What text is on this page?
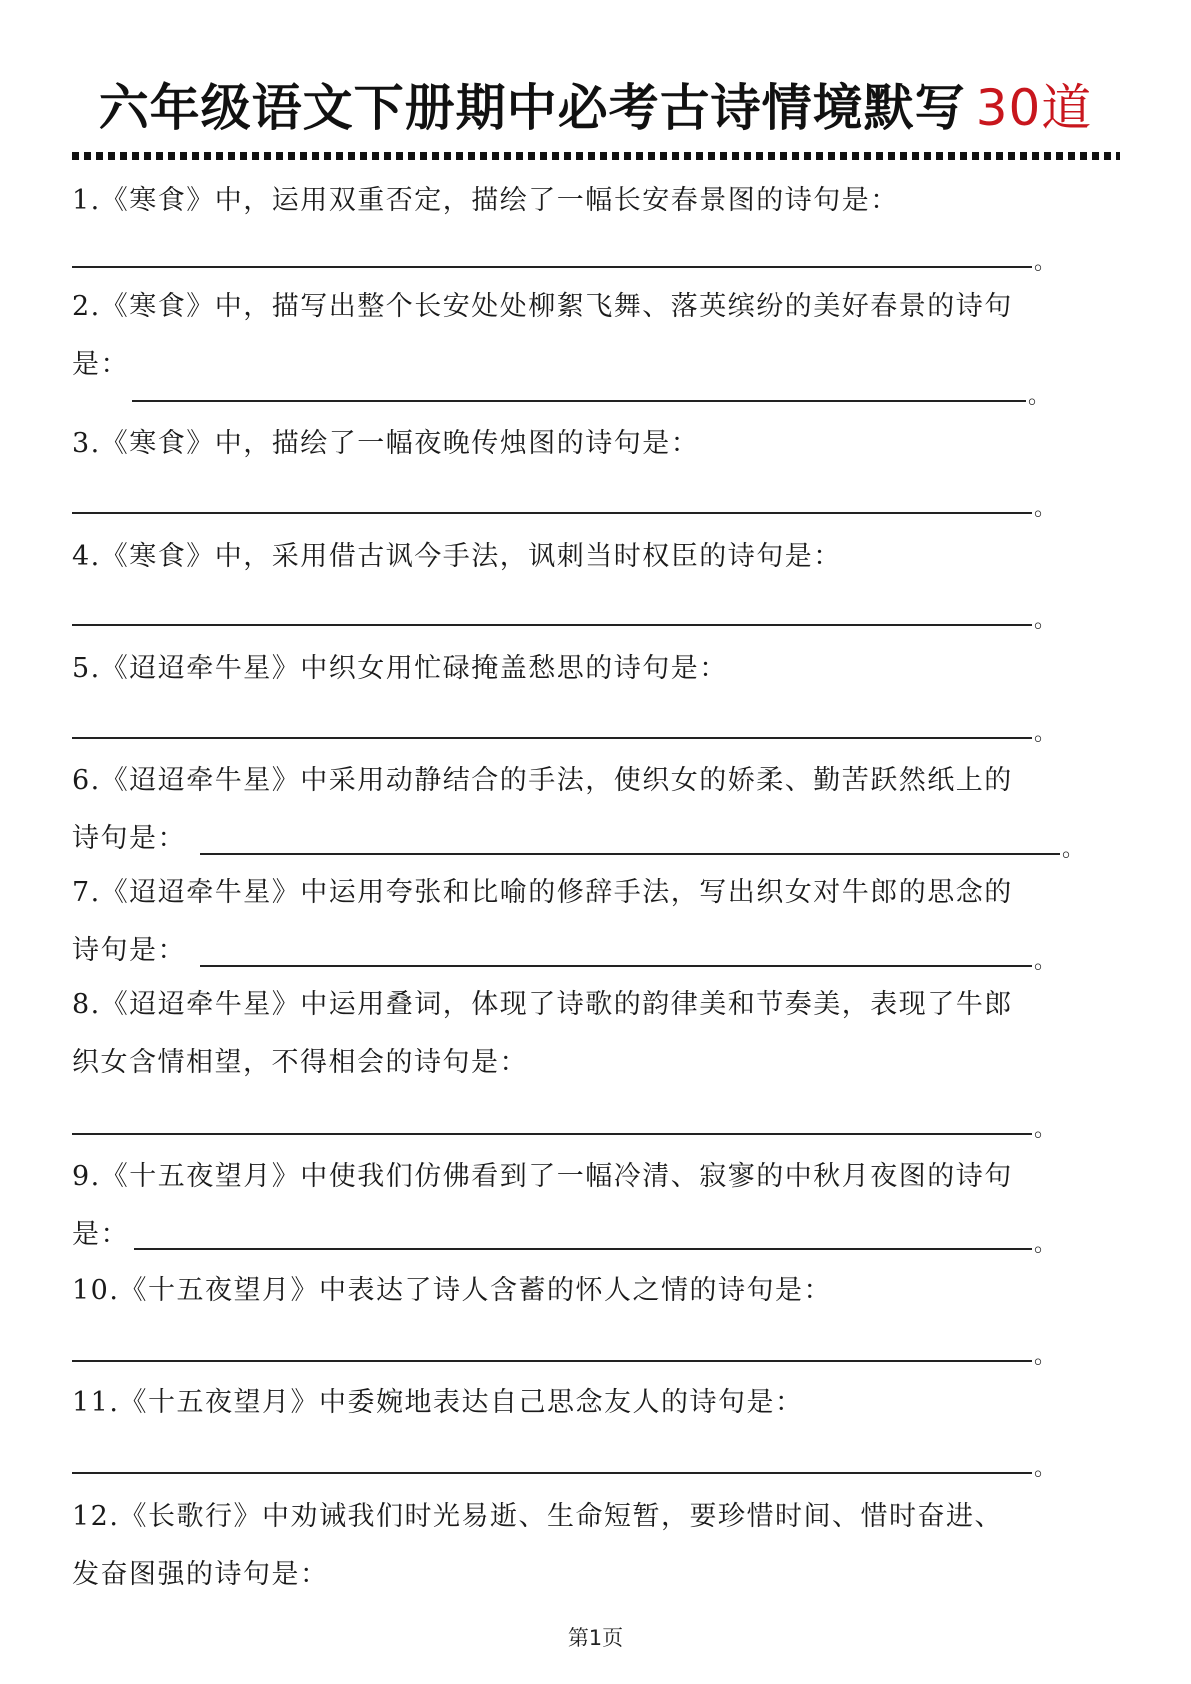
六年级语文下册期中必考古诗情境默写 30道
1.《寒食》中，运用双重否定，描绘了一幅长安春景图的诗句是：
。
2.《寒食》中，描写出整个长安处处柳絮飞舞、落英缤纷的美好春景的诗句
是：
。
3.《寒食》中，描绘了一幅夜晚传烛图的诗句是：
。
4.《寒食》中，采用借古讽今手法，讽刺当时权臣的诗句是：
。
5.《迢迢牵牛星》中织女用忙碌掩盖愁思的诗句是：
。
6.《迢迢牵牛星》中采用动静结合的手法，使织女的娇柔、勤苦跃然纸上的
诗句是：	。
7.《迢迢牵牛星》中运用夸张和比喻的修辞手法，写出织女对牛郎的思念的
诗句是：	。
8.《迢迢牵牛星》中运用叠词，体现了诗歌的韵律美和节奏美，表现了牛郎
织女含情相望，不得相会的诗句是：
。
9.《十五夜望月》中使我们仿佛看到了一幅冷清、寂寥的中秋月夜图的诗句
是：	。
10.《十五夜望月》中表达了诗人含蓄的怀人之情的诗句是：
。
11.《十五夜望月》中委婉地表达自己思念友人的诗句是：
。
12.《长歌行》中劝诫我们时光易逝、生命短暂，要珍惜时间、惜时奋进、
发奋图强的诗句是：
第1页
